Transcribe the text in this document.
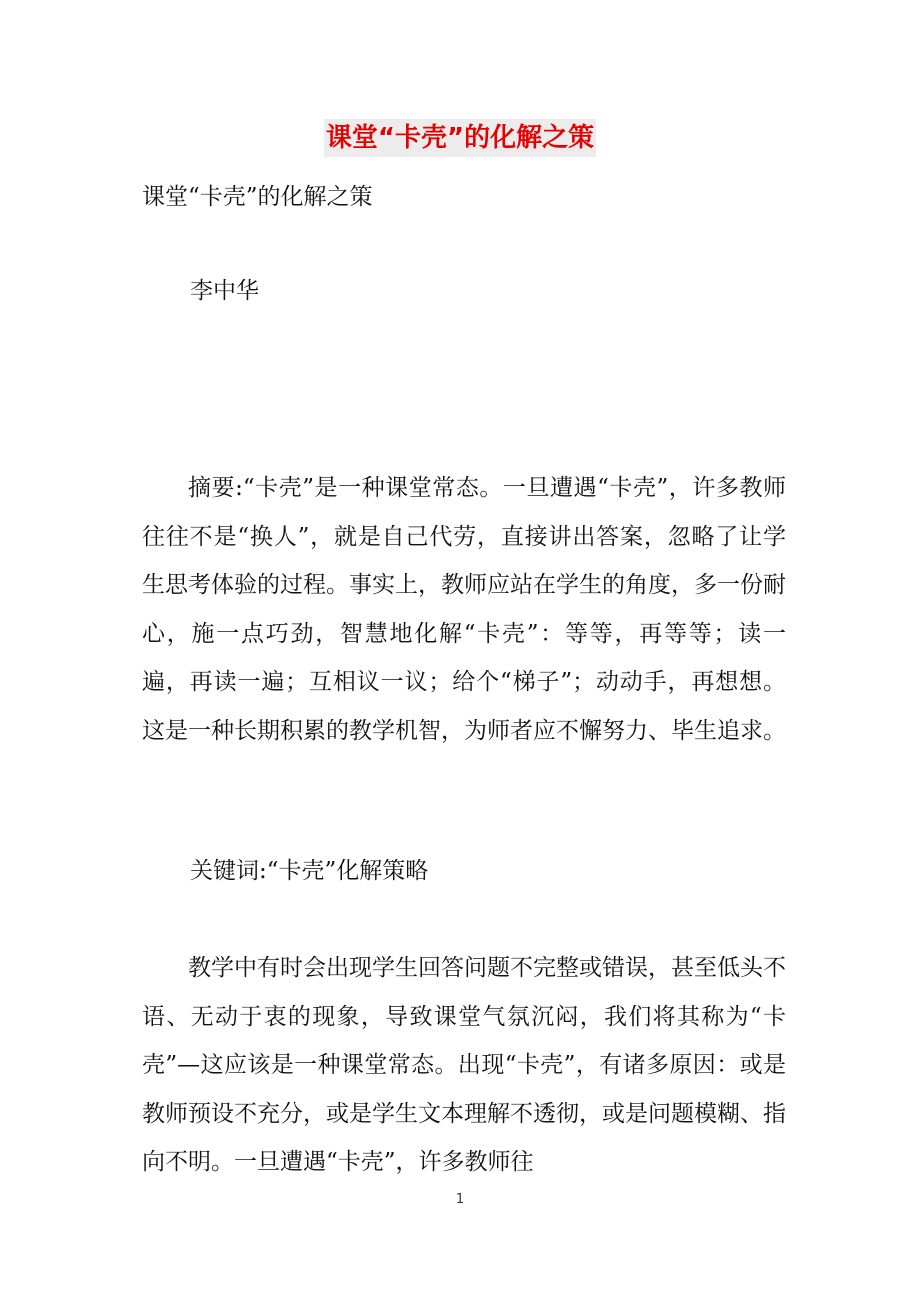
课堂“卡壳”的化解之策

课堂“卡壳”的化解之策

李中华

摘要:“卡壳”是一种课堂常态。一旦遭遇“卡壳”，许多教师往往不是“换人”，就是自己代劳，直接讲出答案，忽略了让学生思考体验的过程。事实上，教师应站在学生的角度，多一份耐心，施一点巧劲，智慧地化解“卡壳”：等等，再等等；读一遍，再读一遍；互相议一议；给个“梯子”；动动手，再想想。这是一种长期积累的教学机智，为师者应不懈努力、毕生追求。

关键词:“卡壳”化解策略

教学中有时会出现学生回答问题不完整或错误，甚至低头不语、无动于衷的现象，导致课堂气氛沉闷，我们将其称为“卡壳”—这应该是一种课堂常态。出现“卡壳”，有诸多原因：或是教师预设不充分，或是学生文本理解不透彻，或是问题模糊、指向不明。一旦遭遇“卡壳”，许多教师往

1
